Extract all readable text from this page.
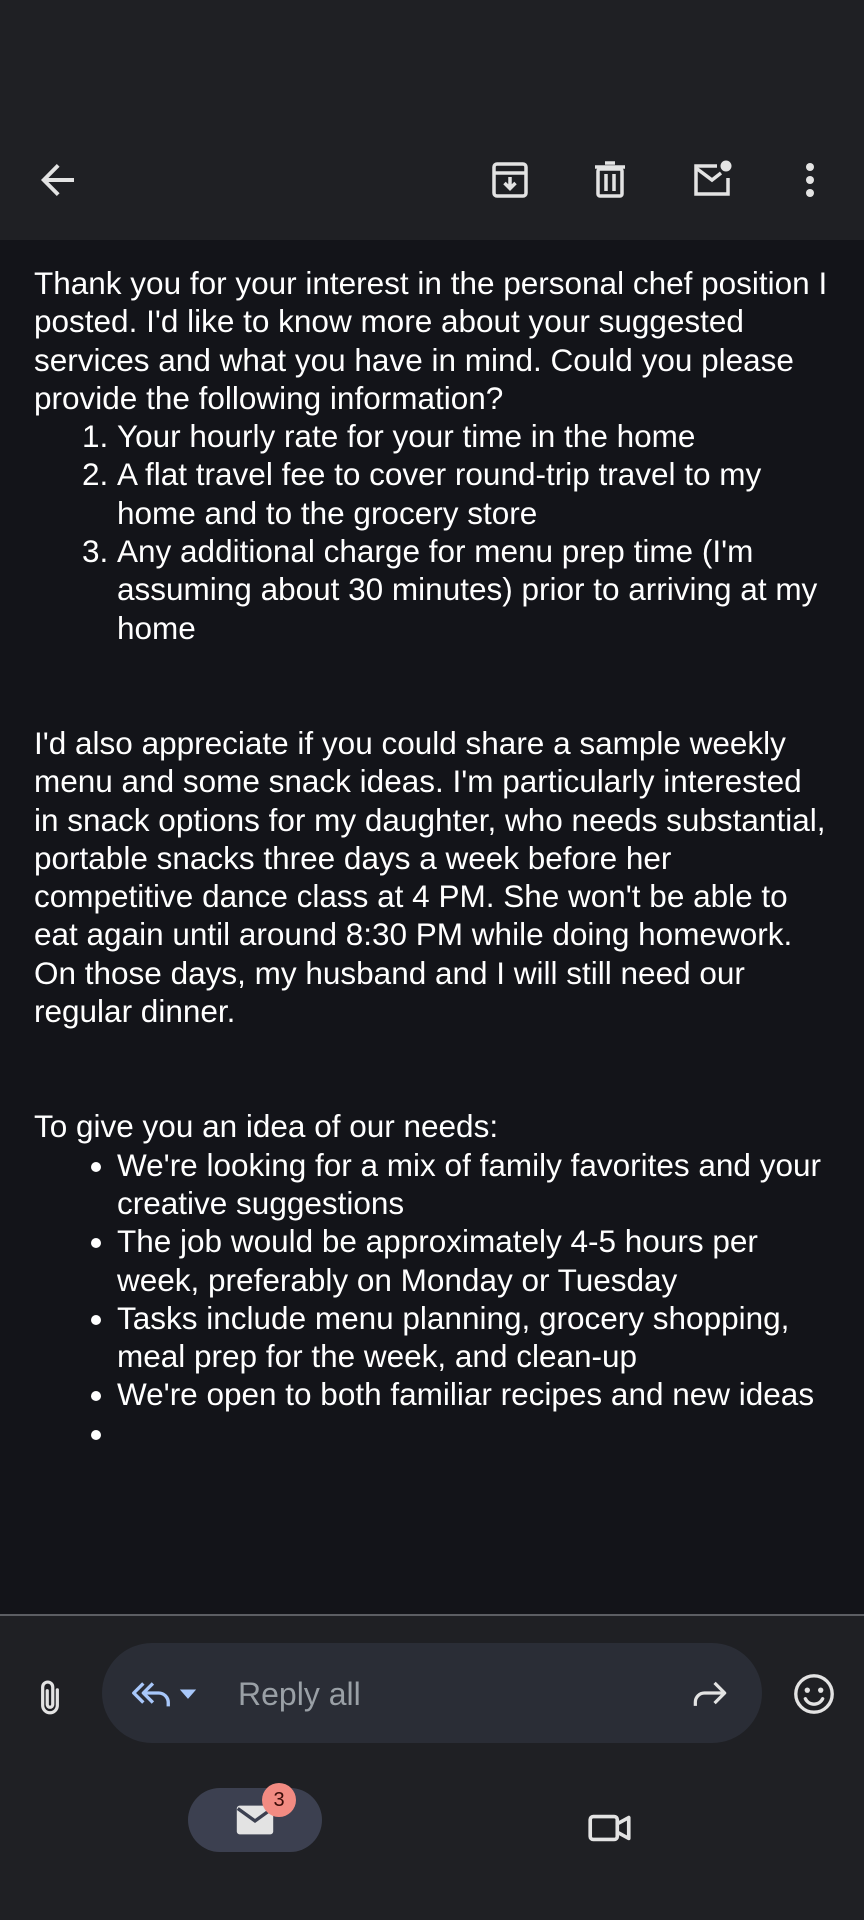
Thank you for your interest in the personal chef position I posted. I'd like to know more about your suggested services and what you have in mind. Could you please provide the following information?

1. Your hourly rate for your time in the home
2. A flat travel fee to cover round-trip travel to my home and to the grocery store
3. Any additional charge for menu prep time (I'm assuming about 30 minutes) prior to arriving at my home

I'd also appreciate if you could share a sample weekly menu and some snack ideas. I'm particularly interested in snack options for my daughter, who needs substantial, portable snacks three days a week before her competitive dance class at 4 PM. She won't be able to eat again until around 8:30 PM while doing homework. On those days, my husband and I will still need our regular dinner.

To give you an idea of our needs:

• We're looking for a mix of family favorites and your creative suggestions
• The job would be approximately 4-5 hours per week, preferably on Monday or Tuesday
• Tasks include menu planning, grocery shopping, meal prep for the week, and clean-up
• We're open to both familiar recipes and new ideas
•
Reply all
3
